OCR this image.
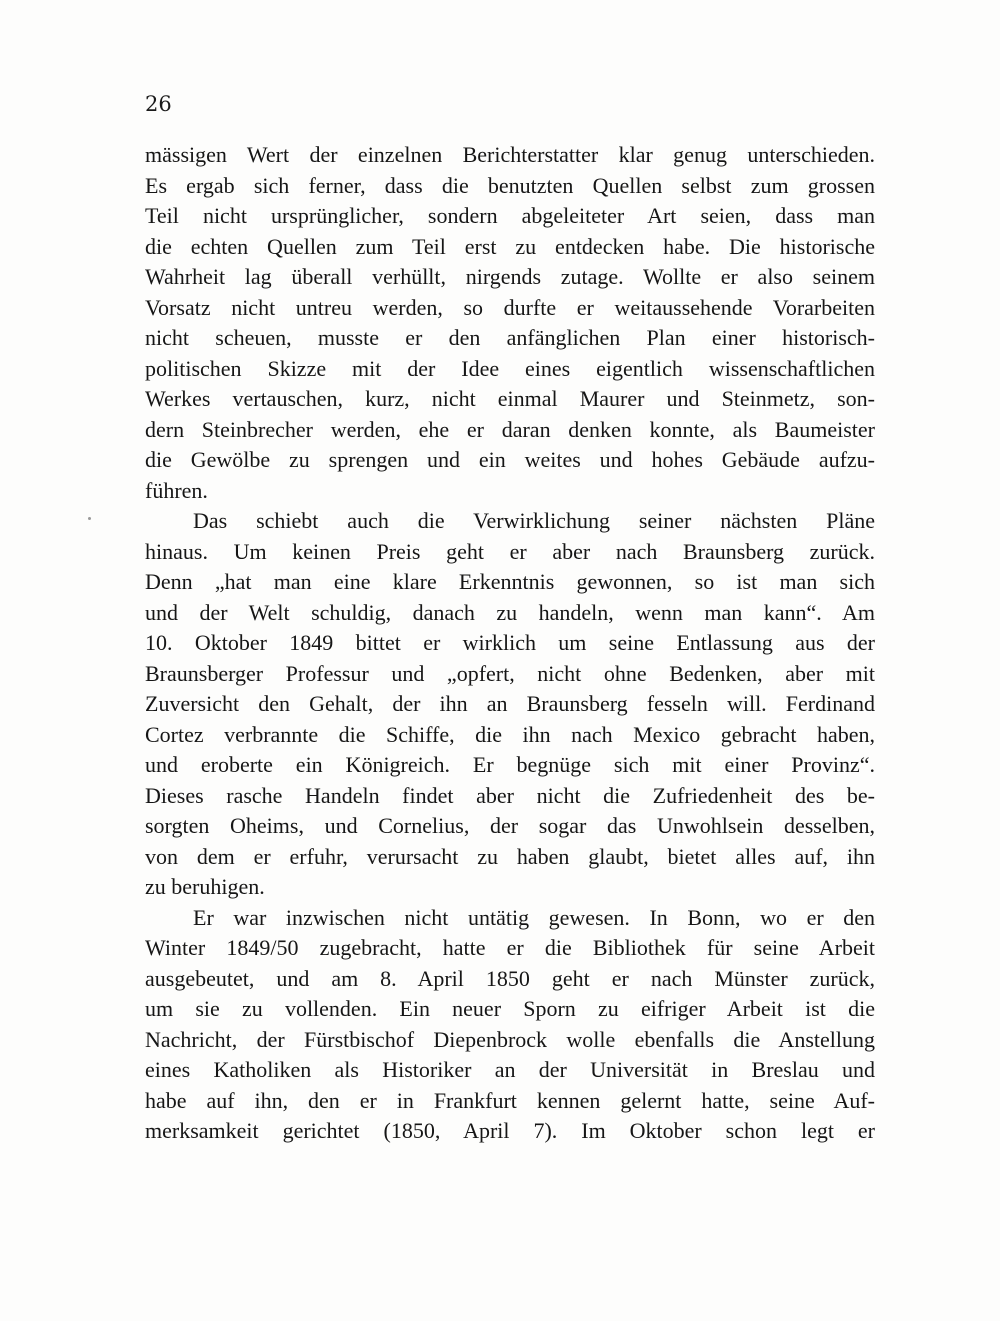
26
mässigen Wert der einzelnen Berichterstatter klar genug unterschieden.
Es ergab sich ferner, dass die benutzten Quellen selbst zum grossen
Teil nicht ursprünglicher, sondern abgeleiteter Art seien, dass man
die echten Quellen zum Teil erst zu entdecken habe. Die historische
Wahrheit lag überall verhüllt, nirgends zutage. Wollte er also seinem
Vorsatz nicht untreu werden, so durfte er weitaussehende Vorarbeiten
nicht scheuen, musste er den anfänglichen Plan einer historisch-
politischen Skizze mit der Idee eines eigentlich wissenschaftlichen
Werkes vertauschen, kurz, nicht einmal Maurer und Steinmetz, son-
dern Steinbrecher werden, ehe er daran denken konnte, als Baumeister
die Gewölbe zu sprengen und ein weites und hohes Gebäude aufzu-
führen.
Das schiebt auch die Verwirklichung seiner nächsten Pläne
hinaus. Um keinen Preis geht er aber nach Braunsberg zurück.
Denn „hat man eine klare Erkenntnis gewonnen, so ist man sich
und der Welt schuldig, danach zu handeln, wenn man kann“. Am
10. Oktober 1849 bittet er wirklich um seine Entlassung aus der
Braunsberger Professur und „opfert, nicht ohne Bedenken, aber mit
Zuversicht den Gehalt, der ihn an Braunsberg fesseln will. Ferdinand
Cortez verbrannte die Schiffe, die ihn nach Mexico gebracht haben,
und eroberte ein Königreich. Er begnüge sich mit einer Provinz“.
Dieses rasche Handeln findet aber nicht die Zufriedenheit des be-
sorgten Oheims, und Cornelius, der sogar das Unwohlsein desselben,
von dem er erfuhr, verursacht zu haben glaubt, bietet alles auf, ihn
zu beruhigen.
Er war inzwischen nicht untätig gewesen. In Bonn, wo er den
Winter 1849/50 zugebracht, hatte er die Bibliothek für seine Arbeit
ausgebeutet, und am 8. April 1850 geht er nach Münster zurück,
um sie zu vollenden. Ein neuer Sporn zu eifriger Arbeit ist die
Nachricht, der Fürstbischof Diepenbrock wolle ebenfalls die Anstellung
eines Katholiken als Historiker an der Universität in Breslau und
habe auf ihn, den er in Frankfurt kennen gelernt hatte, seine Auf-
merksamkeit gerichtet (1850, April 7). Im Oktober schon legt er
